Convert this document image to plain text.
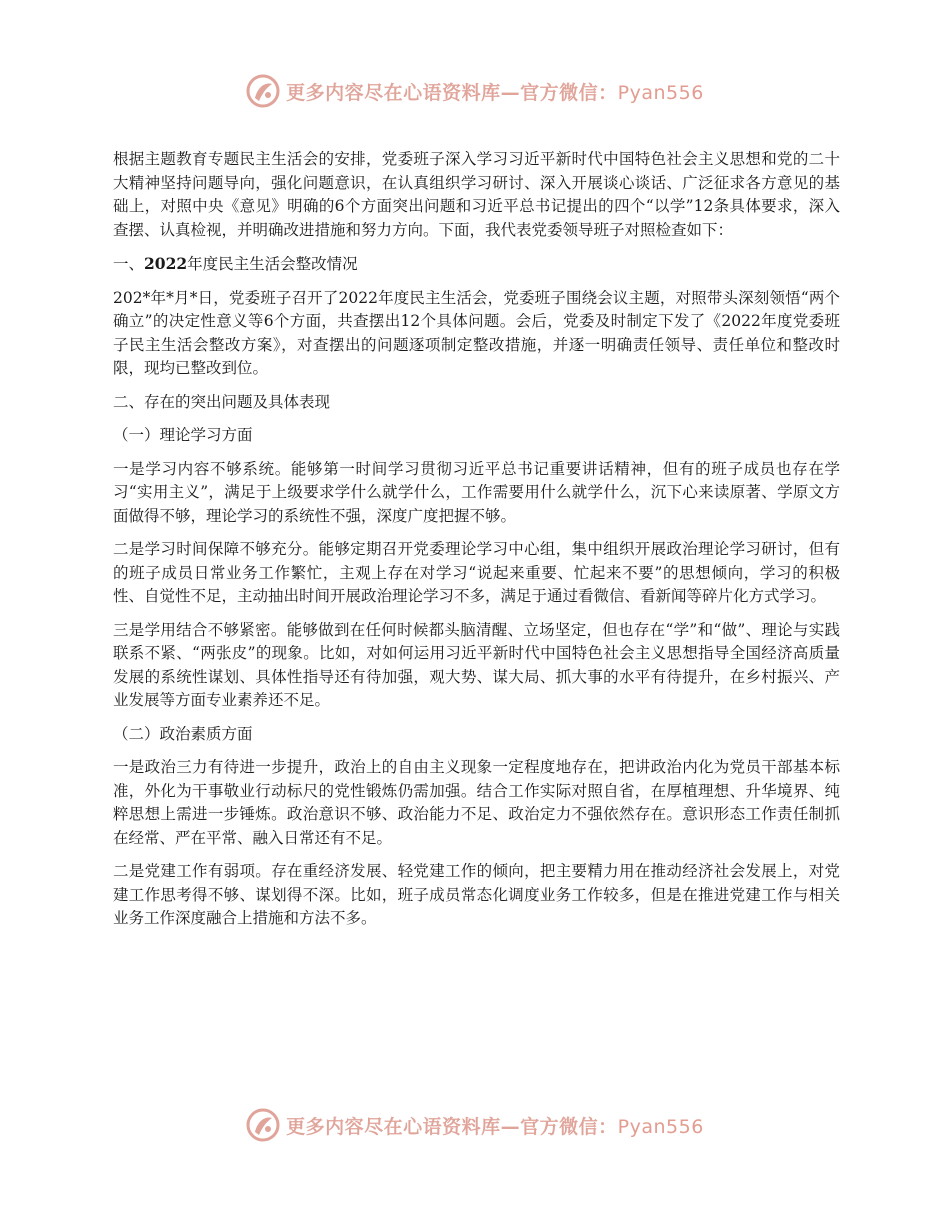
更多内容尽在心语资料库—官方微信：Pyan556

根据主题教育专题民主生活会的安排，党委班子深入学习习近平新时代中国特色社会主义思想和党的二十大精神坚持问题导向，强化问题意识，在认真组织学习研讨、深入开展谈心谈话、广泛征求各方意见的基础上，对照中央《意见》明确的6个方面突出问题和习近平总书记提出的四个“以学”12条具体要求，深入查摆、认真检视，并明确改进措施和努力方向。下面，我代表党委领导班子对照检查如下：

一、2022年度民主生活会整改情况

202*年*月*日，党委班子召开了2022年度民主生活会，党委班子围绕会议主题，对照带头深刻领悟“两个确立”的决定性意义等6个方面，共查摆出12个具体问题。会后，党委及时制定下发了《2022年度党委班子民主生活会整改方案》，对查摆出的问题逐项制定整改措施，并逐一明确责任领导、责任单位和整改时限，现均已整改到位。

二、存在的突出问题及具体表现

（一）理论学习方面

一是学习内容不够系统。能够第一时间学习贯彻习近平总书记重要讲话精神，但有的班子成员也存在学习“实用主义”，满足于上级要求学什么就学什么，工作需要用什么就学什么，沉下心来读原著、学原文方面做得不够，理论学习的系统性不强，深度广度把握不够。

二是学习时间保障不够充分。能够定期召开党委理论学习中心组，集中组织开展政治理论学习研讨，但有的班子成员日常业务工作繁忙，主观上存在对学习“说起来重要、忙起来不要”的思想倾向，学习的积极性、自觉性不足，主动抽出时间开展政治理论学习不多，满足于通过看微信、看新闻等碎片化方式学习。

三是学用结合不够紧密。能够做到在任何时候都头脑清醒、立场坚定，但也存在“学”和“做”、理论与实践联系不紧、“两张皮”的现象。比如，对如何运用习近平新时代中国特色社会主义思想指导全国经济高质量发展的系统性谋划、具体性指导还有待加强，观大势、谋大局、抓大事的水平有待提升，在乡村振兴、产业发展等方面专业素养还不足。

（二）政治素质方面

一是政治三力有待进一步提升，政治上的自由主义现象一定程度地存在，把讲政治内化为党员干部基本标准，外化为干事敬业行动标尺的党性锻炼仍需加强。结合工作实际对照自省，在厚植理想、升华境界、纯粹思想上需进一步锤炼。政治意识不够、政治能力不足、政治定力不强依然存在。意识形态工作责任制抓在经常、严在平常、融入日常还有不足。

二是党建工作有弱项。存在重经济发展、轻党建工作的倾向，把主要精力用在推动经济社会发展上，对党建工作思考得不够、谋划得不深。比如，班子成员常态化调度业务工作较多，但是在推进党建工作与相关业务工作深度融合上措施和方法不多。

更多内容尽在心语资料库—官方微信：Pyan556
